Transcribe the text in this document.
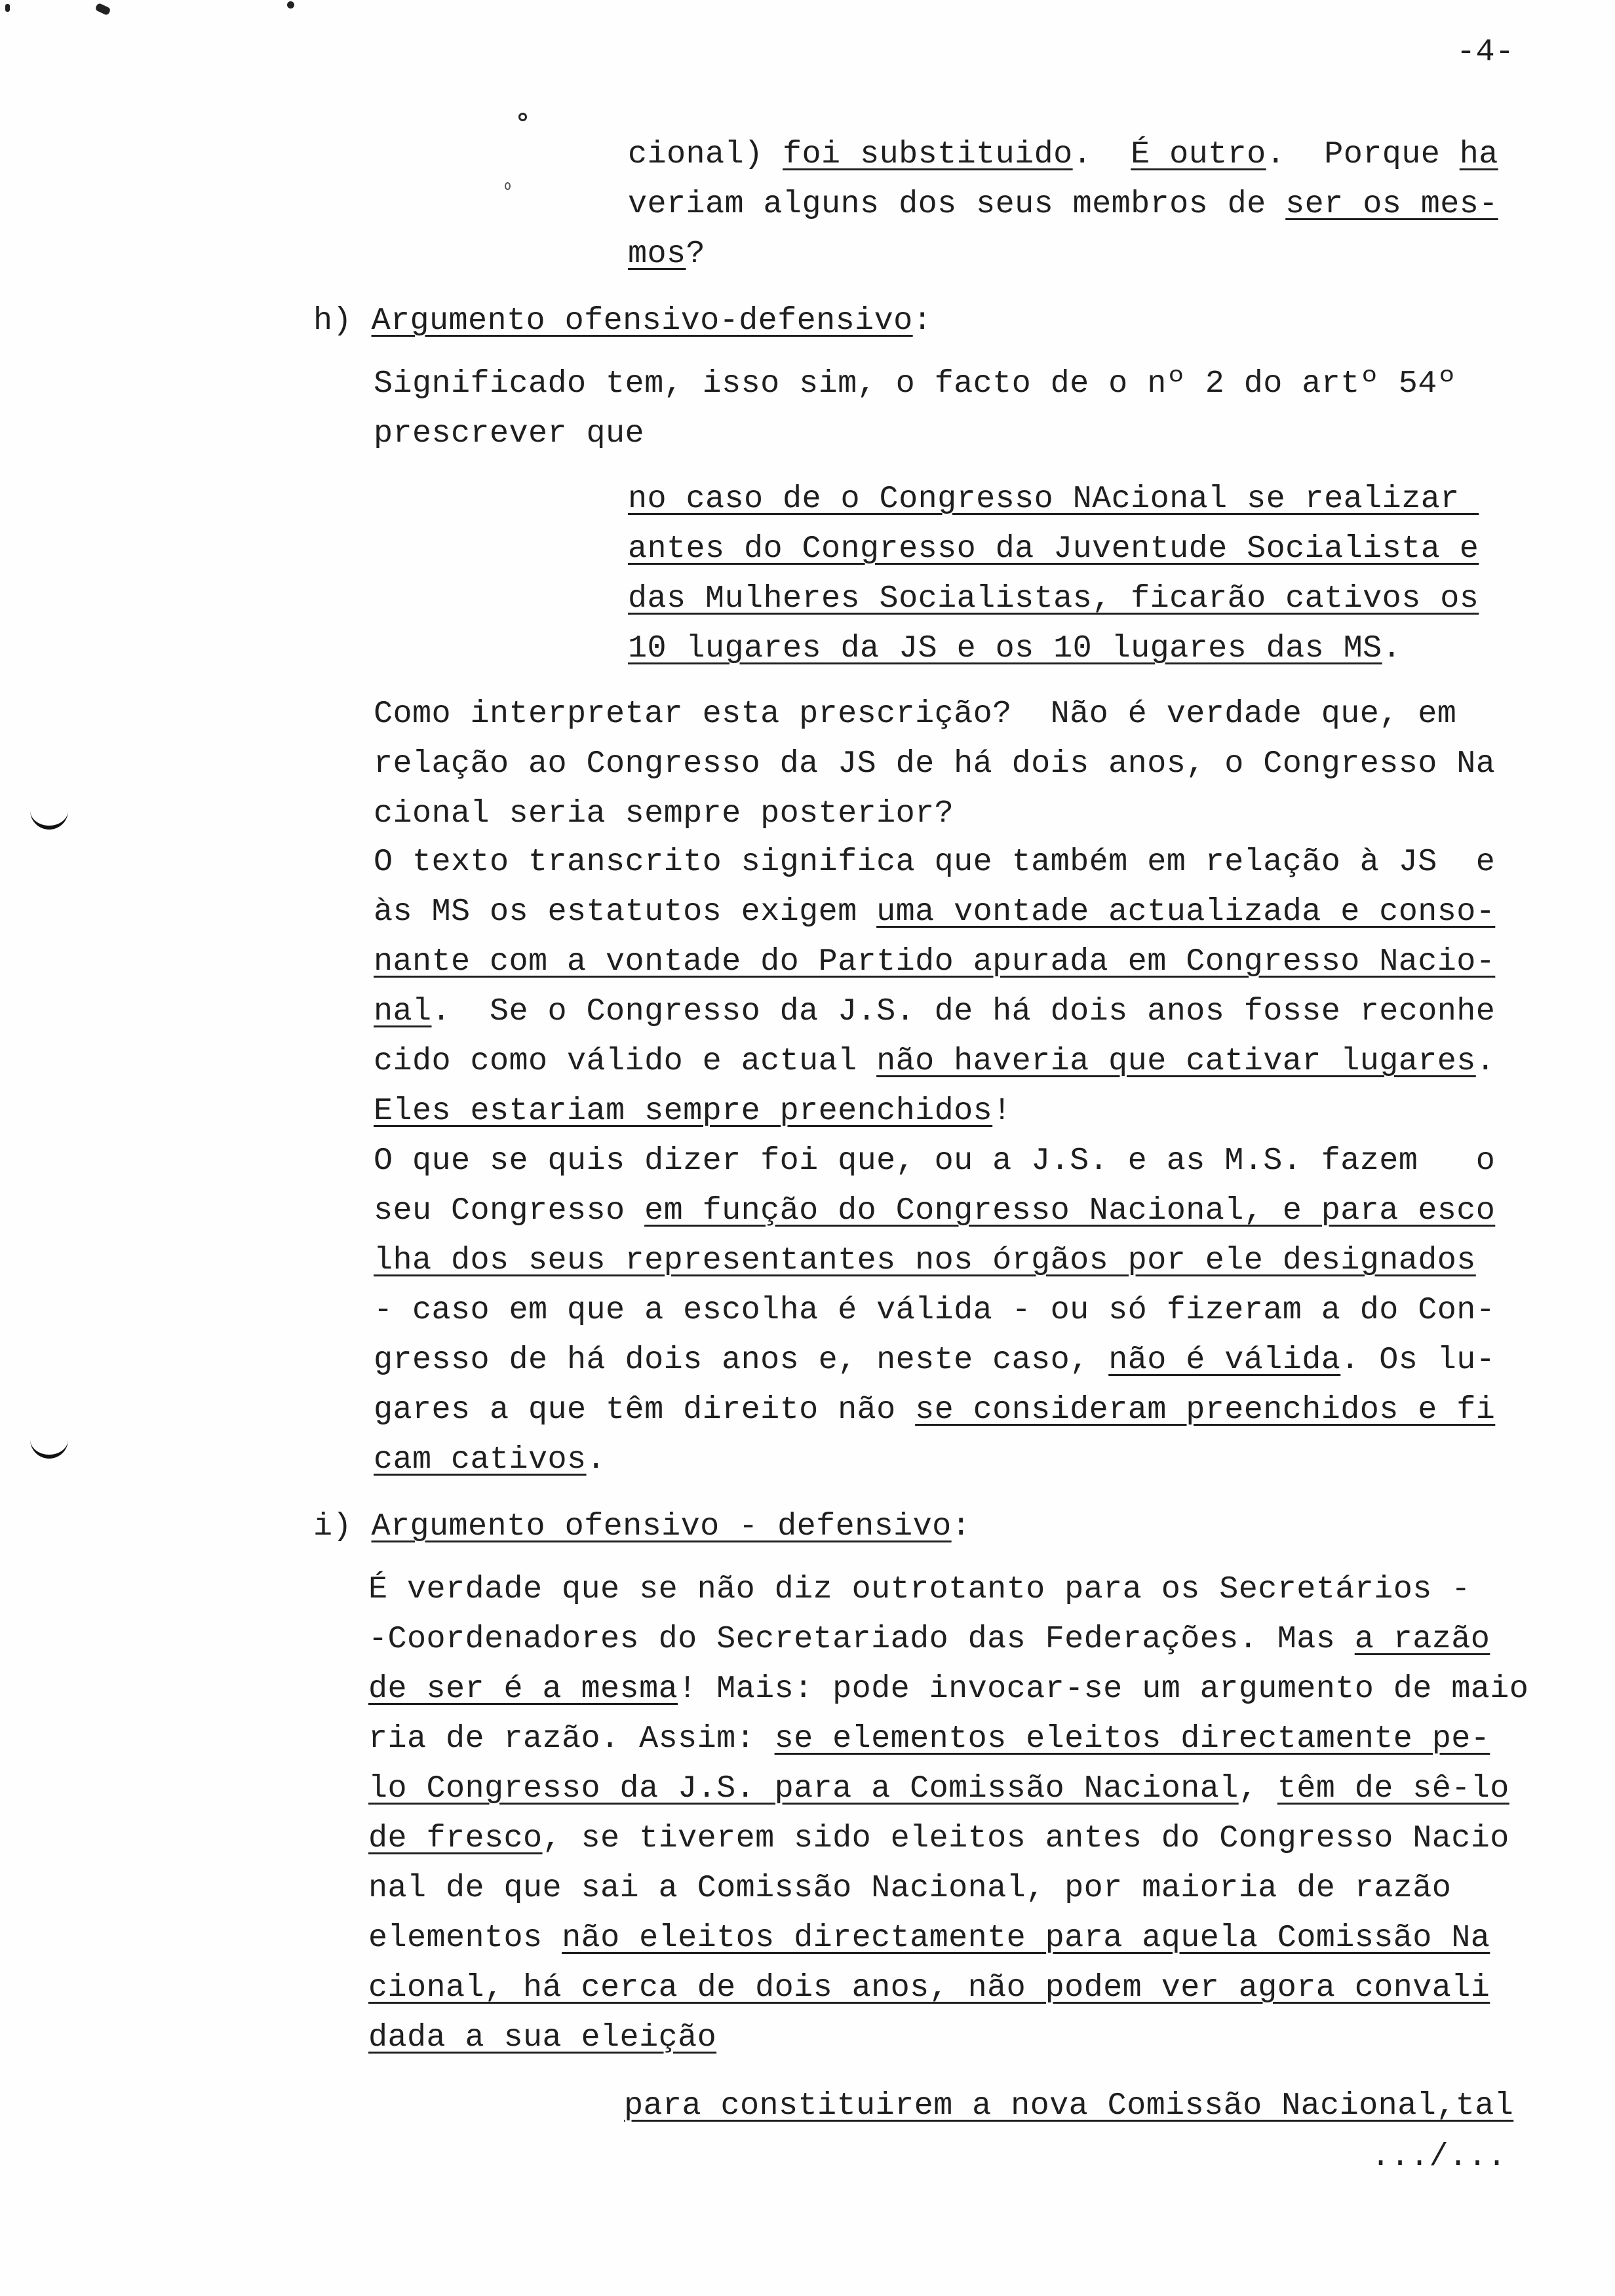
-4-
cional) foi substituido.  É outro.  Porque ha
veriam alguns dos seus membros de ser os mes-
mos?
h) Argumento ofensivo-defensivo:
Significado tem, isso sim, o facto de o nº 2 do artº 54º
prescrever que
no caso de o Congresso NAcional se realizar
antes do Congresso da Juventude Socialista e
das Mulheres Socialistas, ficarão cativos os
10 lugares da JS e os 10 lugares das MS.
Como interpretar esta prescrição?  Não é verdade que, em
relação ao Congresso da JS de há dois anos, o Congresso Na
cional seria sempre posterior?
O texto transcrito significa que também em relação à JS  e
às MS os estatutos exigem uma vontade actualizada e conso-
nante com a vontade do Partido apurada em Congresso Nacio-
nal.  Se o Congresso da J.S. de há dois anos fosse reconhe
cido como válido e actual não haveria que cativar lugares.
Eles estariam sempre preenchidos!
O que se quis dizer foi que, ou a J.S. e as M.S. fazem   o
seu Congresso em função do Congresso Nacional, e para esco
lha dos seus representantes nos órgãos por ele designados
- caso em que a escolha é válida - ou só fizeram a do Con-
gresso de há dois anos e, neste caso, não é válida. Os lu-
gares a que têm direito não se consideram preenchidos e fi
cam cativos.
i) Argumento ofensivo - defensivo:
É verdade que se não diz outrotanto para os Secretários -
-Coordenadores do Secretariado das Federações. Mas a razão
de ser é a mesma! Mais: pode invocar-se um argumento de maio
ria de razão. Assim: se elementos eleitos directamente pe-
lo Congresso da J.S. para a Comissão Nacional, têm de sê-lo
de fresco, se tiverem sido eleitos antes do Congresso Nacio
nal de que sai a Comissão Nacional, por maioria de razão
elementos não eleitos directamente para aquela Comissão Na
cional, há cerca de dois anos, não podem ver agora convali
dada a sua eleição
para constituirem a nova Comissão Nacional,tal
.../...
